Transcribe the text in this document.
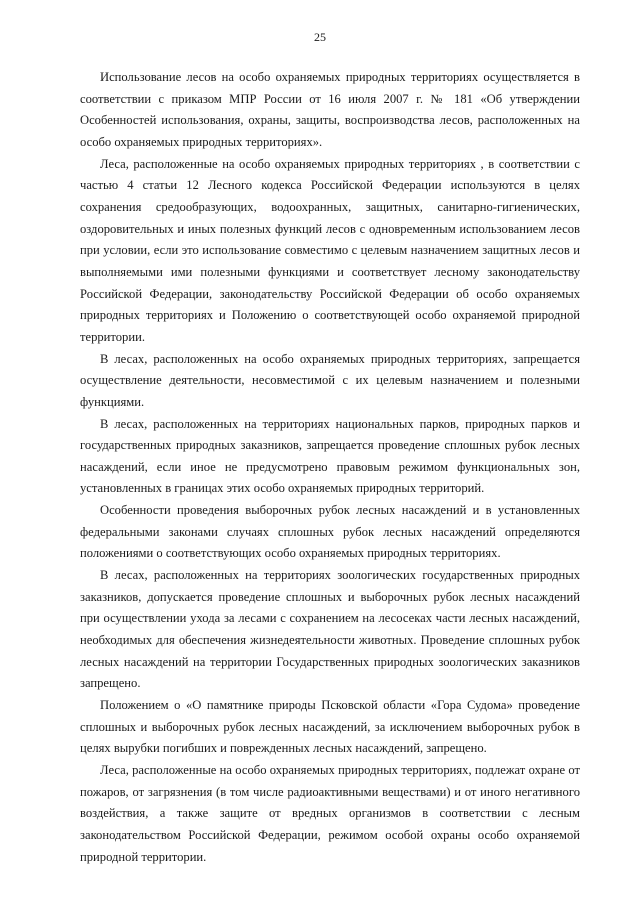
25

Использование лесов на особо охраняемых природных территориях осуществляется в соответствии с приказом МПР России от 16 июля 2007 г. № 181 «Об утверждении Особенностей использования, охраны, защиты, воспроизводства лесов, расположенных на особо охраняемых природных территориях».

Леса, расположенные на особо охраняемых природных территориях , в соответствии с частью 4 статьи 12 Лесного кодекса Российской Федерации используются в целях сохранения средообразующих, водоохранных, защитных, санитарно-гигиенических, оздоровительных и иных полезных функций лесов с одновременным использованием лесов при условии, если это использование совместимо с целевым назначением защитных лесов и выполняемыми ими полезными функциями и соответствует лесному законодательству Российской Федерации, законодательству Российской Федерации об особо охраняемых природных территориях и Положению о соответствующей особо охраняемой природной территории.

В лесах, расположенных на особо охраняемых природных территориях, запрещается осуществление деятельности, несовместимой с их целевым назначением и полезными функциями.

В лесах, расположенных на территориях национальных парков, природных парков и государственных природных заказников, запрещается проведение сплошных рубок лесных насаждений, если иное не предусмотрено правовым режимом функциональных зон, установленных в границах этих особо охраняемых природных территорий.

Особенности проведения выборочных рубок лесных насаждений и в установленных федеральными законами случаях сплошных рубок лесных насаждений определяются положениями о соответствующих особо охраняемых природных территориях.

В лесах, расположенных на территориях зоологических государственных природных заказников, допускается проведение сплошных и выборочных рубок лесных насаждений при осуществлении ухода за лесами с сохранением на лесосеках части лесных насаждений, необходимых для обеспечения жизнедеятельности животных. Проведение сплошных рубок лесных насаждений на территории Государственных природных зоологических заказников запрещено.

Положением о «О памятнике природы Псковской области «Гора Судома» проведение сплошных и выборочных рубок лесных насаждений, за исключением выборочных рубок в целях вырубки погибших и поврежденных лесных насаждений, запрещено.

Леса, расположенные на особо охраняемых природных территориях, подлежат охране от пожаров, от загрязнения (в том числе радиоактивными веществами) и от иного негативного воздействия, а также защите от вредных организмов в соответствии с лесным законодательством Российской Федерации, режимом особой охраны особо охраняемой природной территории.
